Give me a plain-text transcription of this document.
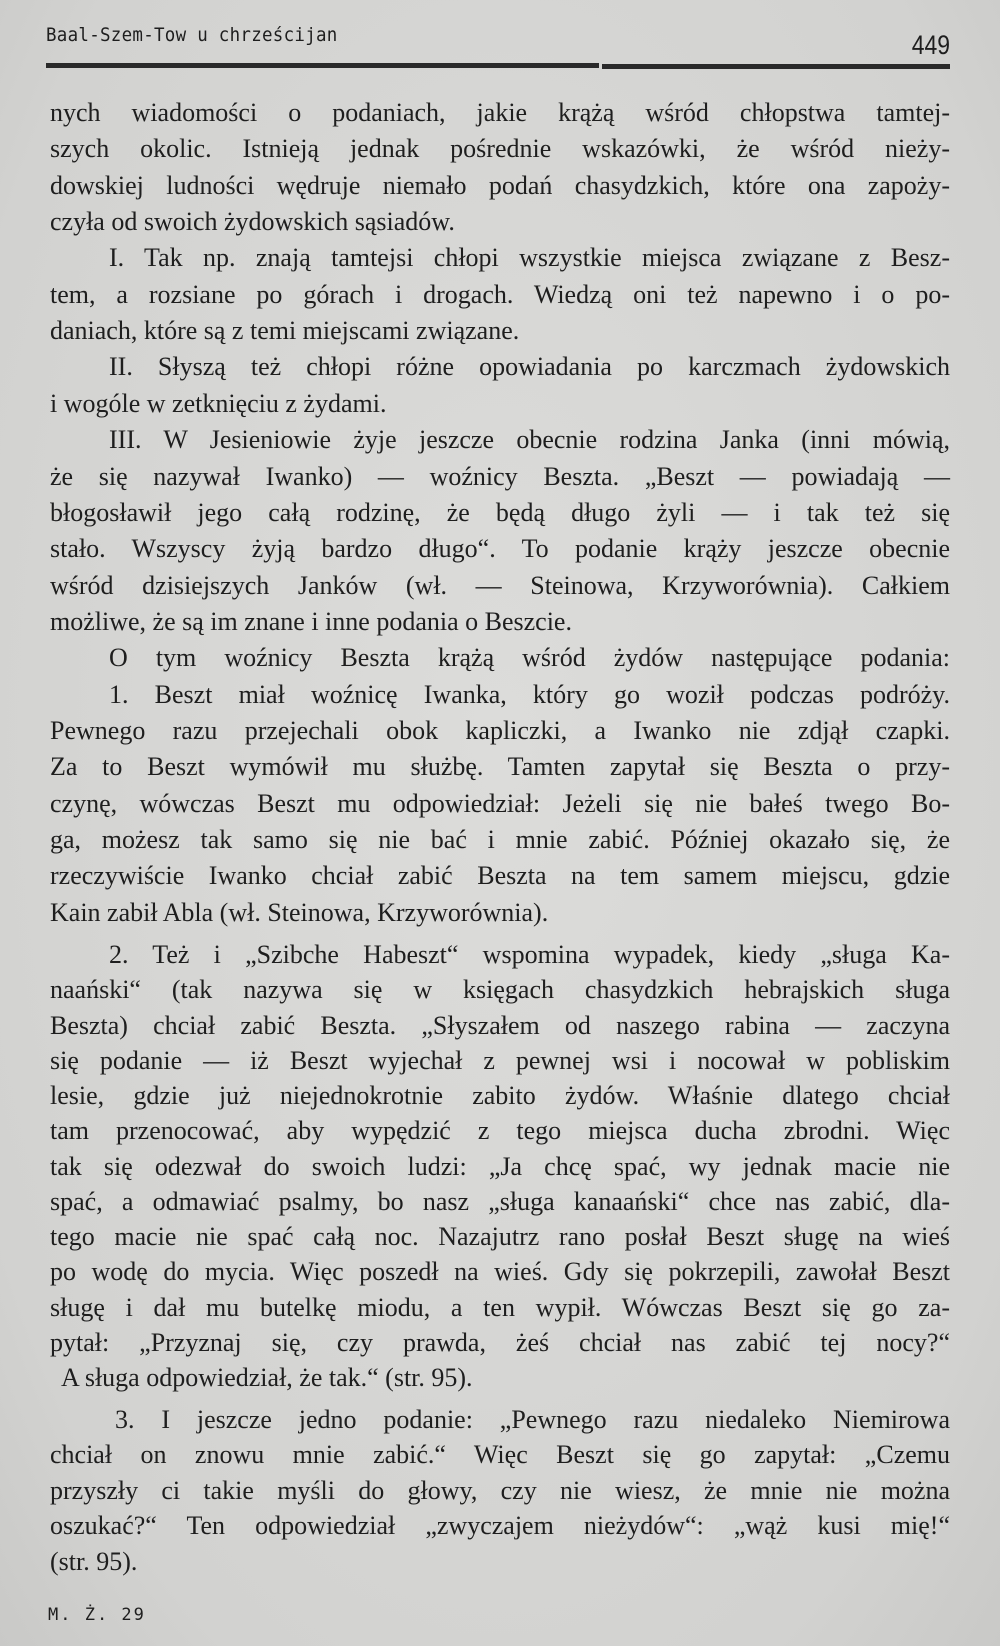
Baal-Szem-Tow u chrześcijan	449
nych wiadomości o podaniach, jakie krążą wśród chłopstwa tamtej-
szych okolic. Istnieją jednak pośrednie wskazówki, że wśród nieży-
dowskiej ludności wędruje niemało podań chasydzkich, które ona zapoży-
czyła od swoich żydowskich sąsiadów.
I. Tak np. znają tamtejsi chłopi wszystkie miejsca związane z Besz-
tem, a rozsiane po górach i drogach. Wiedzą oni też napewno i o po-
daniach, które są z temi miejscami związane.
II. Słyszą też chłopi różne opowiadania po karczmach żydowskich
i wogóle w zetknięciu z żydami.
III. W Jesieniowie żyje jeszcze obecnie rodzina Janka (inni mówią,
że się nazywał Iwanko) — woźnicy Beszta. „Beszt — powiadają —
błogosławił jego całą rodzinę, że będą długo żyli — i tak też się
stało. Wszyscy żyją bardzo długo“. To podanie krąży jeszcze obecnie
wśród dzisiejszych Janków (wł. — Steinowa, Krzyworównia). Całkiem
możliwe, że są im znane i inne podania o Beszcie.
O tym woźnicy Beszta krążą wśród żydów następujące podania:
1. Beszt miał woźnicę Iwanka, który go woził podczas podróży.
Pewnego razu przejechali obok kapliczki, a Iwanko nie zdjął czapki.
Za to Beszt wymówił mu służbę. Tamten zapytał się Beszta o przy-
czynę, wówczas Beszt mu odpowiedział: Jeżeli się nie bałeś twego Bo-
ga, możesz tak samo się nie bać i mnie zabić. Później okazało się, że
rzeczywiście Iwanko chciał zabić Beszta na tem samem miejscu, gdzie
Kain zabił Abla (wł. Steinowa, Krzyworównia).
2. Też i „Szibche Habeszt“ wspomina wypadek, kiedy „sługa Ka-
naański“ (tak nazywa się w księgach chasydzkich hebrajskich sługa
Beszta) chciał zabić Beszta. „Słyszałem od naszego rabina — zaczyna
się podanie — iż Beszt wyjechał z pewnej wsi i nocował w pobliskim
lesie, gdzie już niejednokrotnie zabito żydów. Właśnie dlatego chciał
tam przenocować, aby wypędzić z tego miejsca ducha zbrodni. Więc
tak się odezwał do swoich ludzi: „Ja chcę spać, wy jednak macie nie
spać, a odmawiać psalmy, bo nasz „sługa kanaański“ chce nas zabić, dla-
tego macie nie spać całą noc. Nazajutrz rano posłał Beszt sługę na wieś
po wodę do mycia. Więc poszedł na wieś. Gdy się pokrzepili, zawołał Beszt
sługę i dał mu butelkę miodu, a ten wypił. Wówczas Beszt się go za-
pytał: „Przyznaj się, czy prawda, żeś chciał nas zabić tej nocy?“
A sługa odpowiedział, że tak.“ (str. 95).
3. I jeszcze jedno podanie: „Pewnego razu niedaleko Niemirowa
chciał on znowu mnie zabić.“ Więc Beszt się go zapytał: „Czemu
przyszły ci takie myśli do głowy, czy nie wiesz, że mnie nie można
oszukać?“ Ten odpowiedział „zwyczajem nieżydów“: „wąż kusi mię!“
(str. 95).
M. Ż. 29
